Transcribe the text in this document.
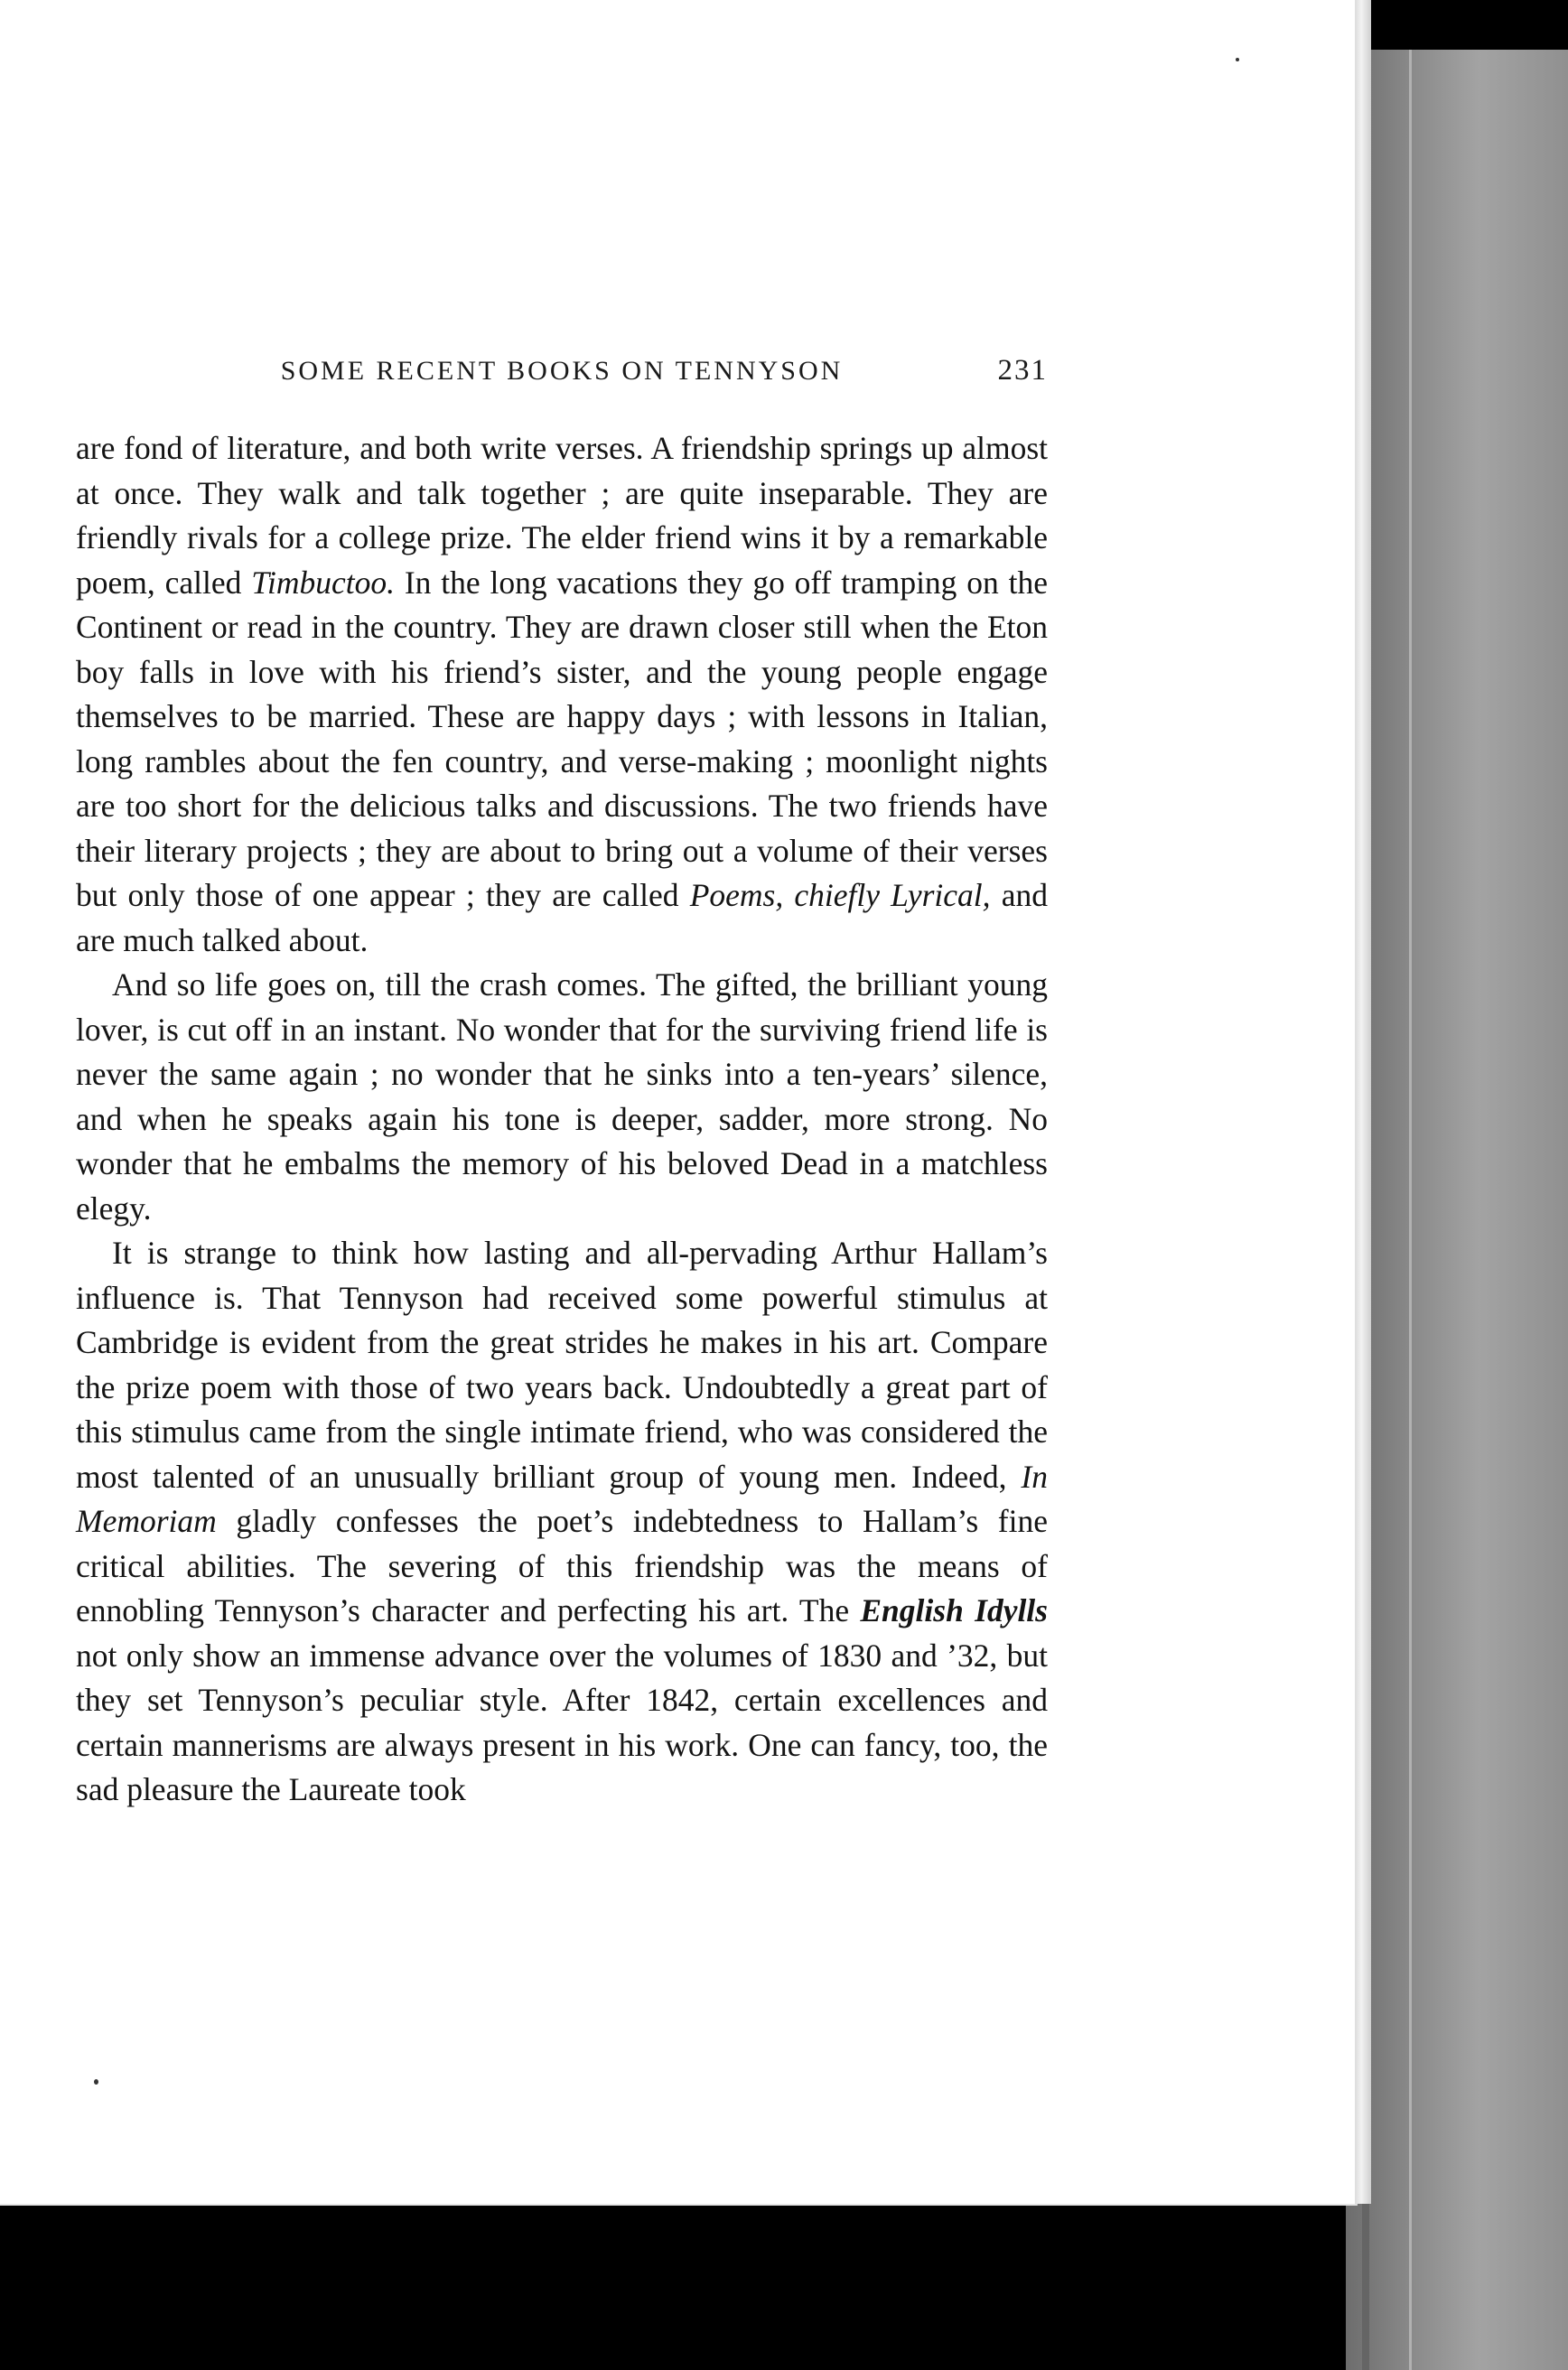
SOME RECENT BOOKS ON TENNYSON	231

are fond of literature, and both write verses. A friendship springs up almost at once. They walk and talk together ; are quite inseparable. They are friendly rivals for a college prize. The elder friend wins it by a remarkable poem, called Timbuctoo. In the long vacations they go off tramping on the Continent or read in the country. They are drawn closer still when the Eton boy falls in love with his friend’s sister, and the young people engage themselves to be married. These are happy days ; with lessons in Italian, long rambles about the fen country, and verse-making ; moonlight nights are too short for the delicious talks and discussions. The two friends have their literary projects ; they are about to bring out a volume of their verses but only those of one appear ; they are called Poems, chiefly Lyrical, and are much talked about.

And so life goes on, till the crash comes. The gifted, the brilliant young lover, is cut off in an instant. No wonder that for the surviving friend life is never the same again ; no wonder that he sinks into a ten-years’ silence, and when he speaks again his tone is deeper, sadder, more strong. No wonder that he embalms the memory of his beloved Dead in a matchless elegy.

It is strange to think how lasting and all-pervading Arthur Hallam’s influence is. That Tennyson had received some powerful stimulus at Cambridge is evident from the great strides he makes in his art. Compare the prize poem with those of two years back. Undoubtedly a great part of this stimulus came from the single intimate friend, who was considered the most talented of an unusually brilliant group of young men. Indeed, In Memoriam gladly confesses the poet’s indebtedness to Hallam’s fine critical abilities. The severing of this friendship was the means of ennobling Tennyson’s character and perfecting his art. The English Idylls not only show an immense advance over the volumes of 1830 and ’32, but they set Tennyson’s peculiar style. After 1842, certain excellences and certain mannerisms are always present in his work. One can fancy, too, the sad pleasure the Laureate took
